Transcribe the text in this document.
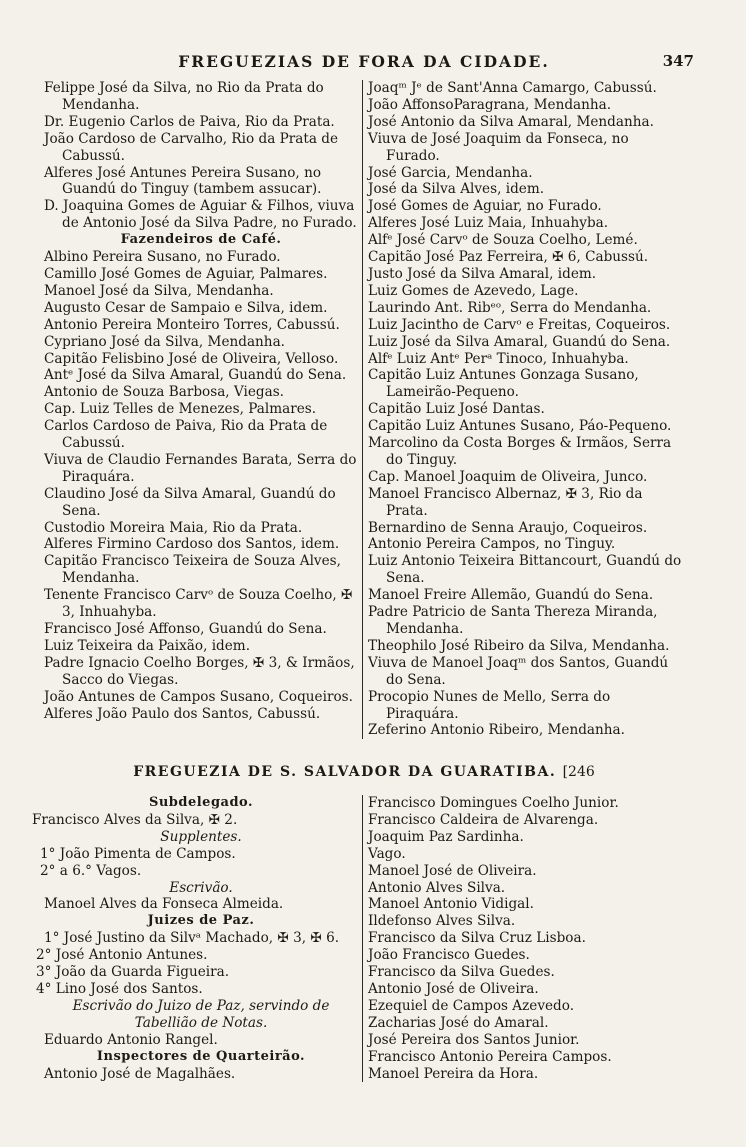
FREGUEZIAS DE FORA DA CIDADE.	347
Felippe José da Silva, no Rio da Prata do Mendanha.
Dr. Eugenio Carlos de Paiva, Rio da Prata.
João Cardoso de Carvalho, Rio da Prata de Cabussú.
Alferes José Antunes Pereira Susano, no Guandú do Tinguy (tambem assucar).
D. Joaquina Gomes de Aguiar & Filhos, viuva de Antonio José da Silva Padre, no Furado.
Fazendeiros de Café.
Albino Pereira Susano, no Furado.
Camillo José Gomes de Aguiar, Palmares.
Manoel José da Silva, Mendanha.
Augusto Cesar de Sampaio e Silva, idem.
Antonio Pereira Monteiro Torres, Cabussú.
Cypriano José da Silva, Mendanha.
Capitão Felisbino José de Oliveira, Velloso.
Antᵉ José da Silva Amaral, Guandú do Sena.
Antonio de Souza Barbosa, Viegas.
Cap. Luiz Telles de Menezes, Palmares.
Carlos Cardoso de Paiva, Rio da Prata de Cabussú.
Viuva de Claudio Fernandes Barata, Serra do Piraquára.
Claudino José da Silva Amaral, Guandú do Sena.
Custodio Moreira Maia, Rio da Prata.
Alferes Firmino Cardoso dos Santos, idem.
Capitão Francisco Teixeira de Souza Alves, Mendanha.
Tenente Francisco Carvᵒ de Souza Coelho, ✠ 3, Inhuahyba.
Francisco José Affonso, Guandú do Sena.
Luiz Teixeira da Paixão, idem.
Padre Ignacio Coelho Borges, ✠ 3, & Irmãos, Sacco do Viegas.
João Antunes de Campos Susano, Coqueiros.
Alferes João Paulo dos Santos, Cabussú.
Joaqᵐ Jᵉ de Sant'Anna Camargo, Cabussú.
João AffonsoParagrana, Mendanha.
José Antonio da Silva Amaral, Mendanha.
Viuva de José Joaquim da Fonseca, no Furado.
José Garcia, Mendanha.
José da Silva Alves, idem.
José Gomes de Aguiar, no Furado.
Alferes José Luiz Maia, Inhuahyba.
Alfᵉ José Carvᵒ de Souza Coelho, Lemé.
Capitão José Paz Ferreira, ✠ 6, Cabussú.
Justo José da Silva Amaral, idem.
Luiz Gomes de Azevedo, Lage.
Laurindo Ant. Ribᵉᵒ, Serra do Mendanha.
Luiz Jacintho de Carvᵒ e Freitas, Coqueiros.
Luiz José da Silva Amaral, Guandú do Sena.
Alfᵉ Luiz Antᵉ Perᵃ Tinoco, Inhuahyba.
Capitão Luiz Antunes Gonzaga Susano, Lameirão-Pequeno.
Capitão Luiz José Dantas.
Capitão Luiz Antunes Susano, Páo-Pequeno.
Marcolino da Costa Borges & Irmãos, Serra do Tinguy.
Cap. Manoel Joaquim de Oliveira, Junco.
Manoel Francisco Albernaz, ✠ 3, Rio da Prata.
Bernardino de Senna Araujo, Coqueiros.
Antonio Pereira Campos, no Tinguy.
Luiz Antonio Teixeira Bittancourt, Guandú do Sena.
Manoel Freire Allemão, Guandú do Sena.
Padre Patricio de Santa Thereza Miranda, Mendanha.
Theophilo José Ribeiro da Silva, Mendanha.
Viuva de Manoel Joaqᵐ dos Santos, Guandú do Sena.
Procopio Nunes de Mello, Serra do Piraquára.
Zeferino Antonio Ribeiro, Mendanha.
FREGUEZIA DE S. SALVADOR DA GUARATIBA. [246
Subdelegado.
Francisco Alves da Silva, ✠ 2.
Supplentes.
1° João Pimenta de Campos.
2° a 6.° Vagos.
Escrivão.
Manoel Alves da Fonseca Almeida.
Juizes de Paz.
1° José Justino da Silvᵃ Machado, ✠ 3, ✠ 6.
2° José Antonio Antunes.
3° João da Guarda Figueira.
4° Lino José dos Santos.
Escrivão do Juizo de Paz, servindo de Tabellião de Notas.
Eduardo Antonio Rangel.
Inspectores de Quarteirão.
Antonio José de Magalhães.
Francisco Domingues Coelho Junior.
Francisco Caldeira de Alvarenga.
Joaquim Paz Sardinha.
Vago.
Manoel José de Oliveira.
Antonio Alves Silva.
Manoel Antonio Vidigal.
Ildefonso Alves Silva.
Francisco da Silva Cruz Lisboa.
João Francisco Guedes.
Francisco da Silva Guedes.
Antonio José de Oliveira.
Ezequiel de Campos Azevedo.
Zacharias José do Amaral.
José Pereira dos Santos Junior.
Francisco Antonio Pereira Campos.
Manoel Pereira da Hora.
